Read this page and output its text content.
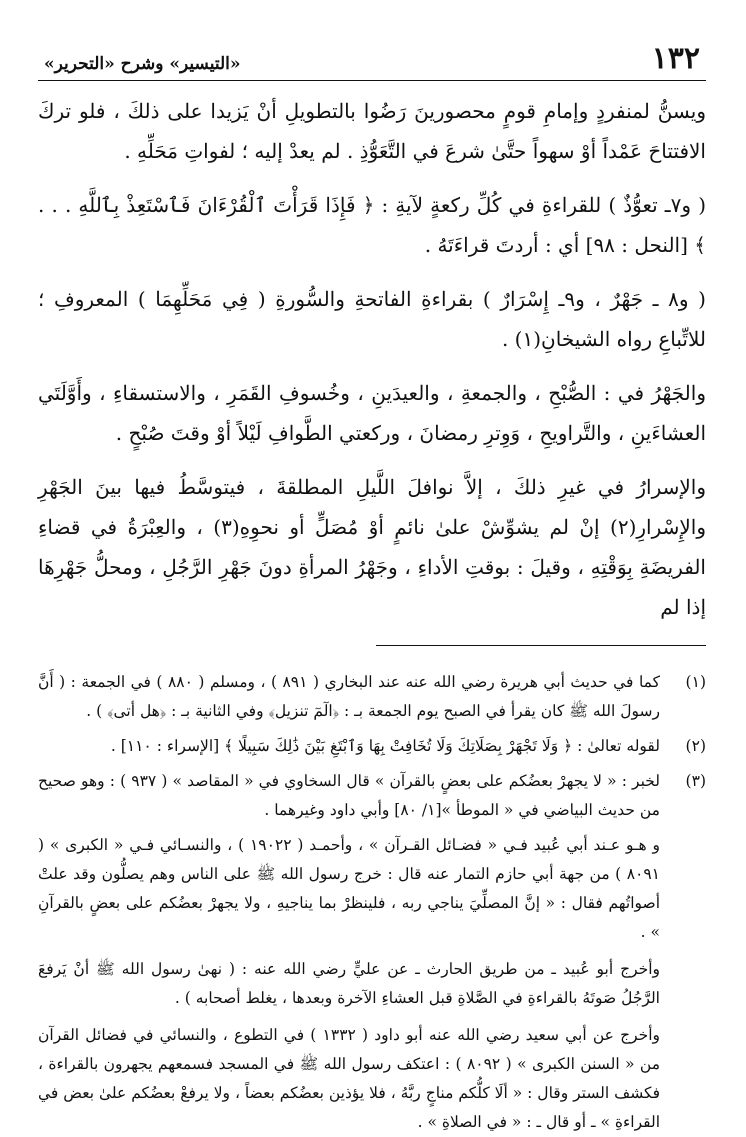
١٣٢
«التيسير» وشرح «التحرير»

ويسنُّ لمنفردٍ وإمامِ قومٍ محصورينَ رَضُوا بالتطويلِ أنْ يَزيدا على ذلكَ ، فلو تركَ الافتتاحَ عَمْداً أوْ سهواً حتَّىٰ شرعَ في التَّعَوُّذِ . لم يعدْ إليه ؛ لفواتِ مَحَلِّهِ .

( و٧ـ تعوُّذٌ ) للقراءةِ في كُلِّ ركعةٍ لآيةِ : ﴿ فَإِذَا قَرَأْتَ ٱلْقُرْءَانَ فَٱسْتَعِذْ بِٱللَّهِ . . . ﴾ [النحل : ٩٨] أي : أردتَ قراءَتَهُ .

( و٨ ـ جَهْرٌ ، و٩ـ إِسْرَارٌ ) بقراءةِ الفاتحةِ والسُّورةِ ( فِي مَحَلِّهِمَا ) المعروفِ ؛ للاتِّباعِ رواه الشيخانِ(١) .

والجَهْرُ في : الصُّبْحِ ، والجمعةِ ، والعيدَينِ ، وخُسوفِ القَمَرِ ، والاستسقاءِ ، وأَوَّلَتَي العشاءَينِ ، والتَّراويحِ ، وَوِترِ رمضانَ ، وركعتي الطَّوافِ لَيْلاً أوْ وقتَ صُبْحٍ .

والإسرارُ في غيرِ ذلكَ ، إلاَّ نوافلَ اللَّيلِ المطلقةَ ، فيتوسَّطُ فيها بينَ الجَهْرِ والإِسْرارِ(٢) إنْ لم يشوِّشْ علىٰ نائمٍ أوْ مُصَلٍّ أو نحوِهِ(٣) ، والعِبْرَةُ في قضاءِ الفريضَةِ بِوَقْتِهِ ، وقيلَ : بوقتِ الأداءِ ، وجَهْرُ المرأةِ دونَ جَهْرِ الرَّجُلِ ، ومحلُّ جَهْرِهَا إذا لم

(١)
كما في حديث أبي هريرة رضي الله عنه عند البخاري ( ٨٩١ ) ، ومسلم ( ٨٨٠ ) في الجمعة : ( أَنَّ رسولَ الله ﷺ كان يقرأ في الصبح يوم الجمعة بـ : ﴿الٓمٓ تنزيل﴾ وفي الثانية بـ : ﴿هل أتى﴾ ) .
(٢)
لقوله تعالىٰ : ﴿ وَلَا تَجْهَرْ بِصَلَاتِكَ وَلَا تُخَافِتْ بِهَا وَٱبْتَغِ بَيْنَ ذَٰلِكَ سَبِيلًا ﴾ [الإسراء : ١١٠] .
(٣)
لخبر : « لا يجهرْ بعضُكم على بعضٍ بالقرآن » قال السخاوي في « المقاصد » ( ٩٣٧ ) : وهو صحيح من حديث البياضي في « الموطأ »[١/ ٨٠] وأبي داود وغيرهما .

و هـو عـند أبي عُبيد فـي « فضـائل القـرآن » ، وأحمـد ( ١٩٠٢٢ ) ، والنسـائي فـي « الكبرى » ( ٨٠٩١ ) من جهة أبي حازم التمار عنه قال : خرج رسول الله ﷺ على الناس وهم يصلُّون وقد علتْ أصواتُهم فقال : « إنَّ المصلِّيَ يناجي ربه ، فلينظرْ بما يناجيهِ ، ولا يجهرْ بعضُكم على بعضٍ بالقرآنِ » .

وأخرج أبو عُبيد ـ من طريق الحارث ـ عن عليٍّ رضي الله عنه : ( نهىٰ رسول الله ﷺ أنْ يَرفعَ الرَّجُلُ صَوتَهُ بالقراءةِ في الصَّلاةِ قبل العشاءِ الآخرة وبعدها ، يغلط أصحابه ) .

وأخرج عن أبي سعيد رضي الله عنه أبو داود ( ١٣٣٢ ) في التطوع ، والنسائي في فضائل القرآن من « السنن الكبرى » ( ٨٠٩٢ ) : اعتكف رسول الله ﷺ في المسجد فسمعهم يجهرون بالقراءة ، فكشف الستر وقال : « ألَا كلُّكم مناجٍ ربَّهُ ، فلا يؤذين بعضُكم بعضاً ، ولا يرفعْ بعضُكم علىٰ بعض في القراءةِ » ـ أو قال ـ : « في الصلاةِ » .
